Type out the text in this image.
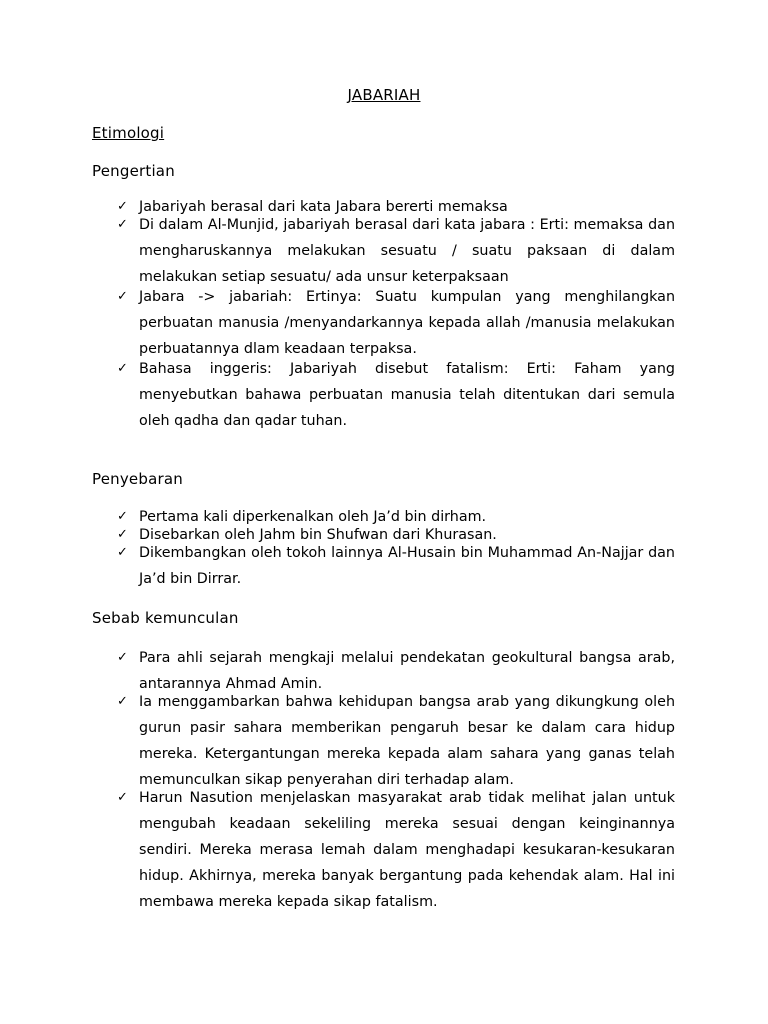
JABARIAH
Etimologi
Pengertian
✓ Jabariyah berasal dari kata Jabara bererti memaksa
✓ Di dalam Al-Munjid, jabariyah berasal dari kata jabara : Erti: memaksa dan mengharuskannya melakukan sesuatu / suatu paksaan di dalam melakukan setiap sesuatu/ ada unsur keterpaksaan
✓ Jabara -> jabariah: Ertinya: Suatu kumpulan yang menghilangkan perbuatan manusia /menyandarkannya kepada allah /manusia melakukan perbuatannya dlam keadaan terpaksa.
✓ Bahasa inggeris: Jabariyah disebut fatalism: Erti: Faham yang menyebutkan bahawa perbuatan manusia telah ditentukan dari semula oleh qadha dan qadar tuhan.
Penyebaran
✓ Pertama kali diperkenalkan oleh Ja’d bin dirham.
✓ Disebarkan oleh Jahm bin Shufwan dari Khurasan.
✓ Dikembangkan oleh tokoh lainnya Al-Husain bin Muhammad An-Najjar dan Ja’d bin Dirrar.
Sebab kemunculan
✓ Para ahli sejarah mengkaji melalui pendekatan geokultural bangsa arab, antarannya Ahmad Amin.
✓ Ia menggambarkan bahwa kehidupan bangsa arab yang dikungkung oleh gurun pasir sahara memberikan pengaruh besar ke dalam cara hidup mereka. Ketergantungan mereka kepada alam sahara yang ganas telah memunculkan sikap penyerahan diri terhadap alam.
✓ Harun Nasution menjelaskan masyarakat arab tidak melihat jalan untuk mengubah keadaan sekeliling mereka sesuai dengan keinginannya sendiri. Mereka merasa lemah dalam menghadapi kesukaran-kesukaran hidup. Akhirnya, mereka banyak bergantung pada kehendak alam. Hal ini membawa mereka kepada sikap fatalism.
